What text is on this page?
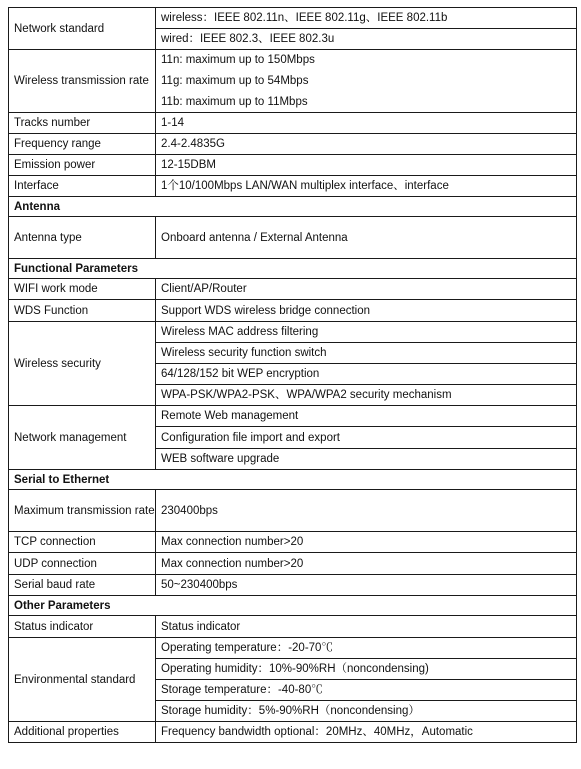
Network standard	wireless：IEEE 802.11n、IEEE 802.11g、IEEE 802.11b
	wired：IEEE 802.3、IEEE 802.3u
Wireless transmission rate	11n: maximum up to 150Mbps
	11g: maximum up to 54Mbps
	11b: maximum up to 11Mbps
Tracks number	1-14
Frequency range	2.4-2.4835G
Emission power	12-15DBM
Interface	1个10/100Mbps LAN/WAN multiplex interface、interface
Antenna	
Antenna type	Onboard antenna / External Antenna
Functional Parameters	
WIFI work mode	Client/AP/Router
WDS Function	Support WDS wireless bridge connection
Wireless security	Wireless MAC address filtering
	Wireless security function switch
	64/128/152 bit WEP encryption
	WPA-PSK/WPA2-PSK、WPA/WPA2 security mechanism
Network management	Remote Web management
	Configuration file import and export
	WEB software upgrade
Serial to Ethernet	
Maximum transmission rate	230400bps
TCP connection	Max connection number>20
UDP connection	Max connection number>20
Serial baud rate	50~230400bps
Other Parameters	
Status indicator	Status indicator
Environmental standard	Operating temperature：-20-70℃
	Operating humidity：10%-90%RH（noncondensing)
	Storage temperature：-40-80℃
	Storage humidity：5%-90%RH（noncondensing）
Additional properties	Frequency bandwidth optional：20MHz、40MHz，Automatic
